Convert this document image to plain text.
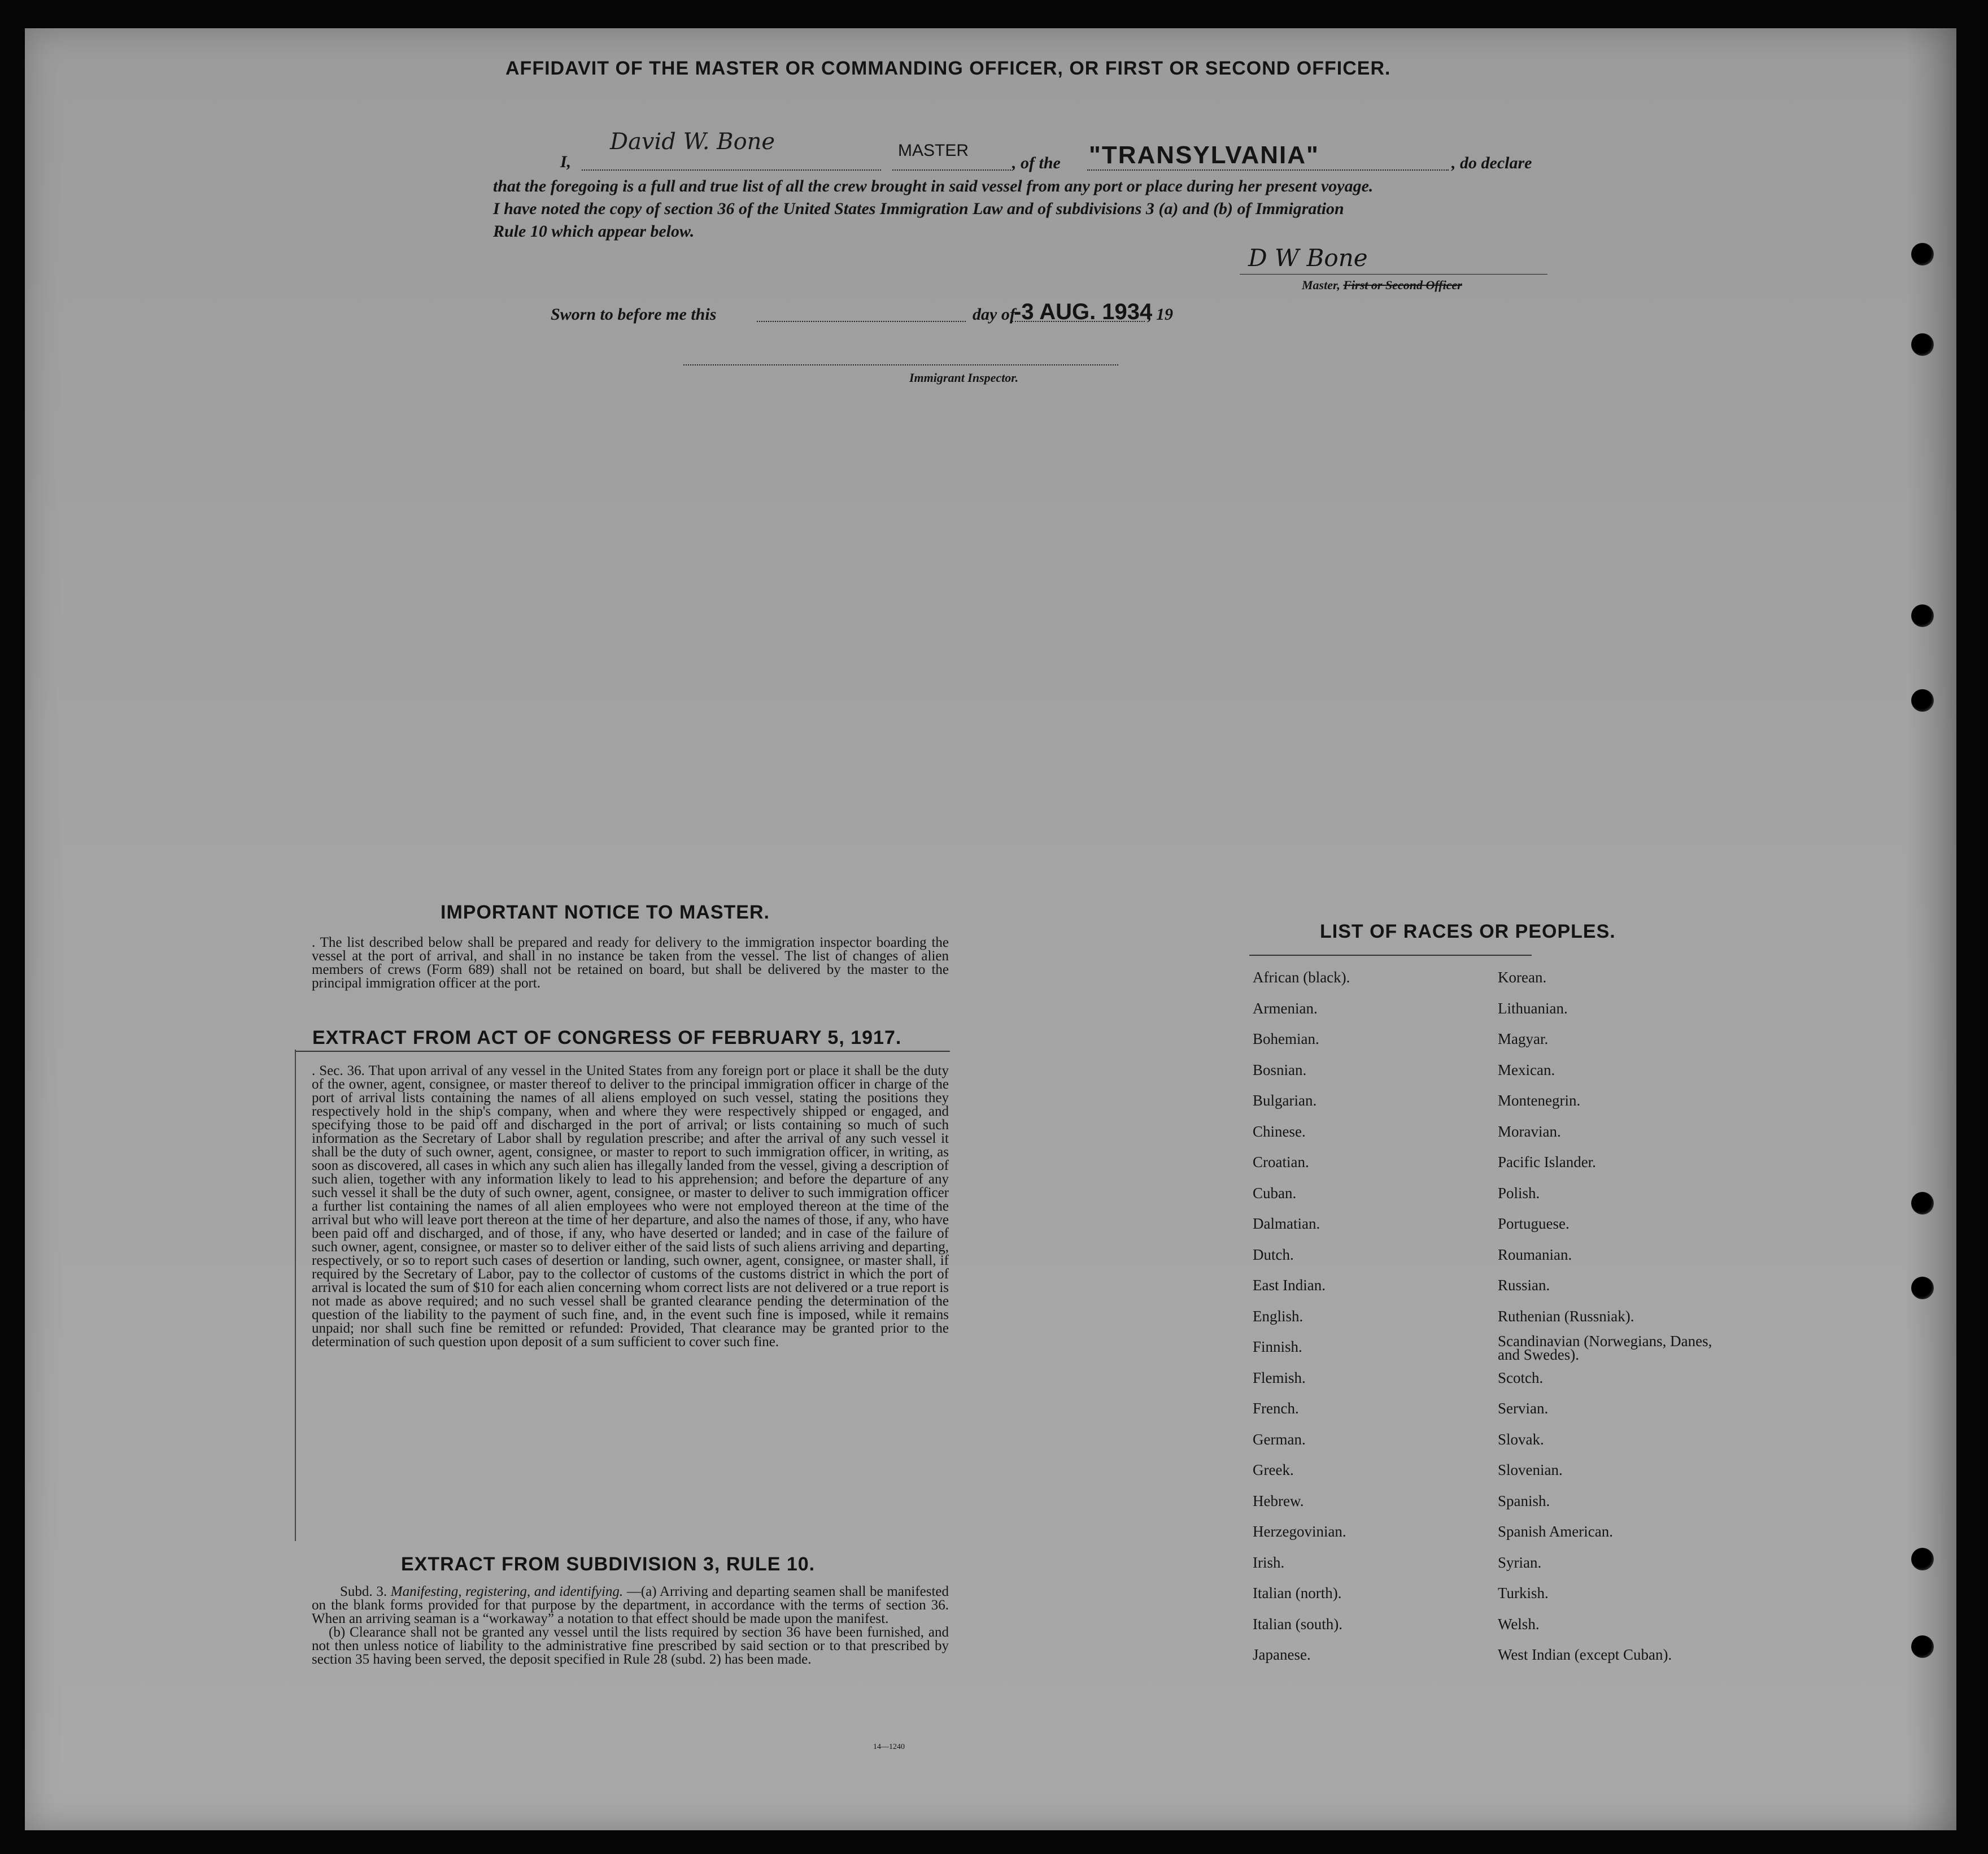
AFFIDAVIT OF THE MASTER OR COMMANDING OFFICER, OR FIRST OR SECOND OFFICER.
I,
David W. Bone	MASTER
, of the "TRANSYLVANIA"	, do declare
that the foregoing is a full and true list of all the crew brought in said vessel from any port or place during her present voyage.
I have noted the copy of section 36 of the United States Immigration Law and of subdivisions 3 (a) and (b) of Immigration
Rule 10 which appear below.
D W Bone
Master, First or Second Officer
Sworn to before me this	day of
-3 AUG. 1934
, 19
Immigrant Inspector.
IMPORTANT NOTICE TO MASTER.
. The list described below shall be prepared and ready for delivery to the immigration inspector boarding the vessel at the port of arrival, and shall in no instance be taken from the vessel. The list of changes of alien members of crews (Form 689) shall not be retained on board, but shall be delivered by the master to the principal immigration officer at the port.
EXTRACT FROM ACT OF CONGRESS OF FEBRUARY 5, 1917.
. Sec. 36. That upon arrival of any vessel in the United States from any foreign port or place it shall be the duty of the owner, agent, consignee, or master thereof to deliver to the principal immigration officer in charge of the port of arrival lists containing the names of all aliens employed on such vessel, stating the positions they respectively hold in the ship's company, when and where they were respectively shipped or engaged, and specifying those to be paid off and discharged in the port of arrival; or lists containing so much of such information as the Secretary of Labor shall by regulation prescribe; and after the arrival of any such vessel it shall be the duty of such owner, agent, consignee, or master to report to such immigration officer, in writing, as soon as discovered, all cases in which any such alien has illegally landed from the vessel, giving a description of such alien, together with any information likely to lead to his apprehension; and before the departure of any such vessel it shall be the duty of such owner, agent, consignee, or master to deliver to such immigration officer a further list containing the names of all alien employees who were not employed thereon at the time of the arrival but who will leave port thereon at the time of her departure, and also the names of those, if any, who have been paid off and discharged, and of those, if any, who have deserted or landed; and in case of the failure of such owner, agent, consignee, or master so to deliver either of the said lists of such aliens arriving and departing, respectively, or so to report such cases of desertion or landing, such owner, agent, consignee, or master shall, if required by the Secretary of Labor, pay to the collector of customs of the customs district in which the port of arrival is located the sum of $10 for each alien concerning whom correct lists are not delivered or a true report is not made as above required; and no such vessel shall be granted clearance pending the determination of the question of the liability to the payment of such fine, and, in the event such fine is imposed, while it remains unpaid; nor shall such fine be remitted or refunded: Provided, That clearance may be granted prior to the determination of such question upon deposit of a sum sufficient to cover such fine.
EXTRACT FROM SUBDIVISION 3, RULE 10.
Subd. 3. Manifesting, registering, and identifying. —(a) Arriving and departing seamen shall be manifested on the blank forms provided for that purpose by the department, in accordance with the terms of section 36. When an arriving seaman is a “workaway” a notation to that effect should be made upon the manifest.
(b) Clearance shall not be granted any vessel until the lists required by section 36 have been furnished, and not then unless notice of liability to the administrative fine prescribed by said section or to that prescribed by section 35 having been served, the deposit specified in Rule 28 (subd. 2) has been made.
14—1240
LIST OF RACES OR PEOPLES.
African (black).
Armenian.
Bohemian.
Bosnian.
Bulgarian.
Chinese.
Croatian.
Cuban.
Dalmatian.
Dutch.
East Indian.
English.
Finnish.
Flemish.
French.
German.
Greek.
Hebrew.
Herzegovinian.
Irish.
Italian (north).
Italian (south).
Japanese.
Korean.
Lithuanian.
Magyar.
Mexican.
Montenegrin.
Moravian.
Pacific Islander.
Polish.
Portuguese.
Roumanian.
Russian.
Ruthenian (Russniak).
Scandinavian (Norwegians, Danes, and Swedes).
Scotch.
Servian.
Slovak.
Slovenian.
Spanish.
Spanish American.
Syrian.
Turkish.
Welsh.
West Indian (except Cuban).
